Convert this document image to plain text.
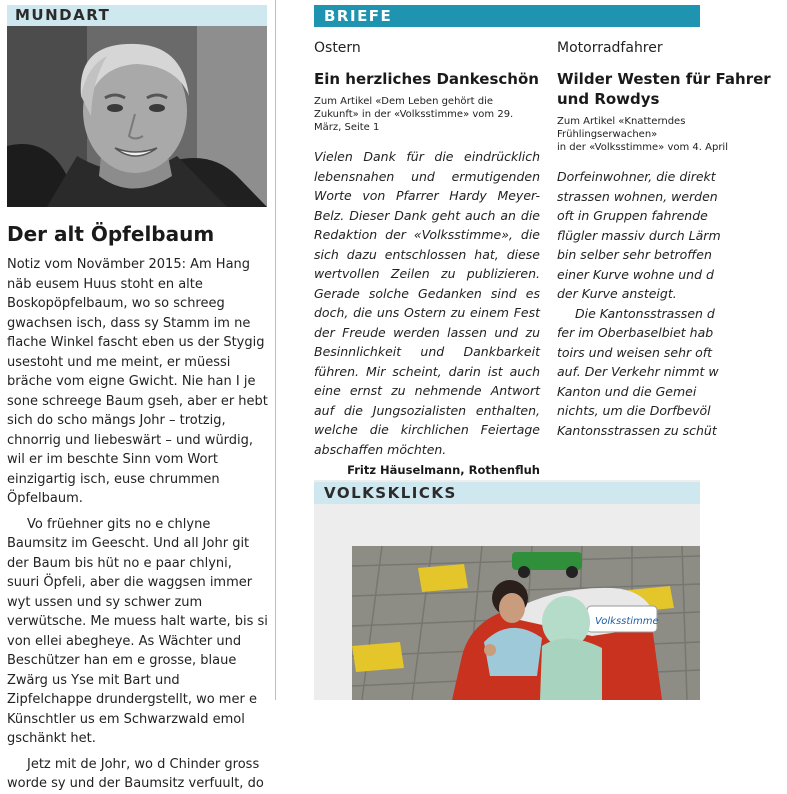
MUNDART
Der alt Öpfelbaum

Notiz vom Novämber 2015: Am Hang näb eusem Huus stoht en alte Boskopöpfelbaum, wo so schreeg gwachsen isch, dass sy Stamm im ne flache Winkel fascht eben us der Stygig usestoht und me meint, er müessi bräche vom eigne Gwicht. Nie han I je sone schreege Baum gseh, aber er hebt sich do scho mängs Johr – trotzig, chnorrig und liebeswärt – und würdig, wil er im beschte Sinn vom Wort einzigartig isch, euse chrummen Öpfelbaum.

Vo früehner gits no e chlyne Baumsitz im Geescht. Und all Johr git der Baum bis hüt no e paar chlyni, suuri Öpfeli, aber die waggsen immer wyt ussen und sy schwer zum verwütsche. Me muess halt warte, bis si von ellei abegheye. As Wächter und Beschützer han em e grosse, blaue Zwärg us Yse mit Bart und Zipfelchappe drundergstellt, wo mer e Künschtler us em Schwarzwald emol gschänkt het.

Jetz mit de Johr, wo d Chinder gross worde sy und der Baumsitz verfuult, do

BRIEFE
Ostern
Ein herzliches Dankeschön
Zum Artikel «Dem Leben gehört die Zukunft» in der «Volksstimme» vom 29. März, Seite 1

Vielen Dank für die eindrücklich lebensnahen und ermutigenden Worte von Pfarrer Hardy Meyer-Belz. Dieser Dank geht auch an die Redaktion der «Volksstimme», die sich dazu entschlossen hat, diese wertvollen Zeilen zu publizieren. Gerade solche Gedanken sind es doch, die uns Ostern zu einem Fest der Freude werden lassen und zu Besinnlichkeit und Dankbarkeit führen. Mir scheint, darin ist auch eine ernst zu nehmende Antwort auf die Jungsozialisten enthalten, welche die kirchlichen Feiertage abschaffen möchten.

Fritz Häuselmann, Rothenfluh
Motorradfahrer
Wilder Westen für Fahrer und Rowdys
Zum Artikel «Knatterndes Frühlingserwachen»
in der «Volksstimme» vom 4. April
Dorfeinwohner, die direkt
strassen wohnen, werden
oft in Gruppen fahrende
flügler massiv durch Lärm
bin selber sehr betroffen
einer Kurve wohne und d
der Kurve ansteigt.
Die Kantonsstrassen d
fer im Oberbaselbiet hab
toirs und weisen sehr oft
auf. Der Verkehr nimmt w
Kanton und die Gemei
nichts, um die Dorfbevöl
Kantonsstrassen zu schüt
VOLKSKLICKS
Volksstimme
